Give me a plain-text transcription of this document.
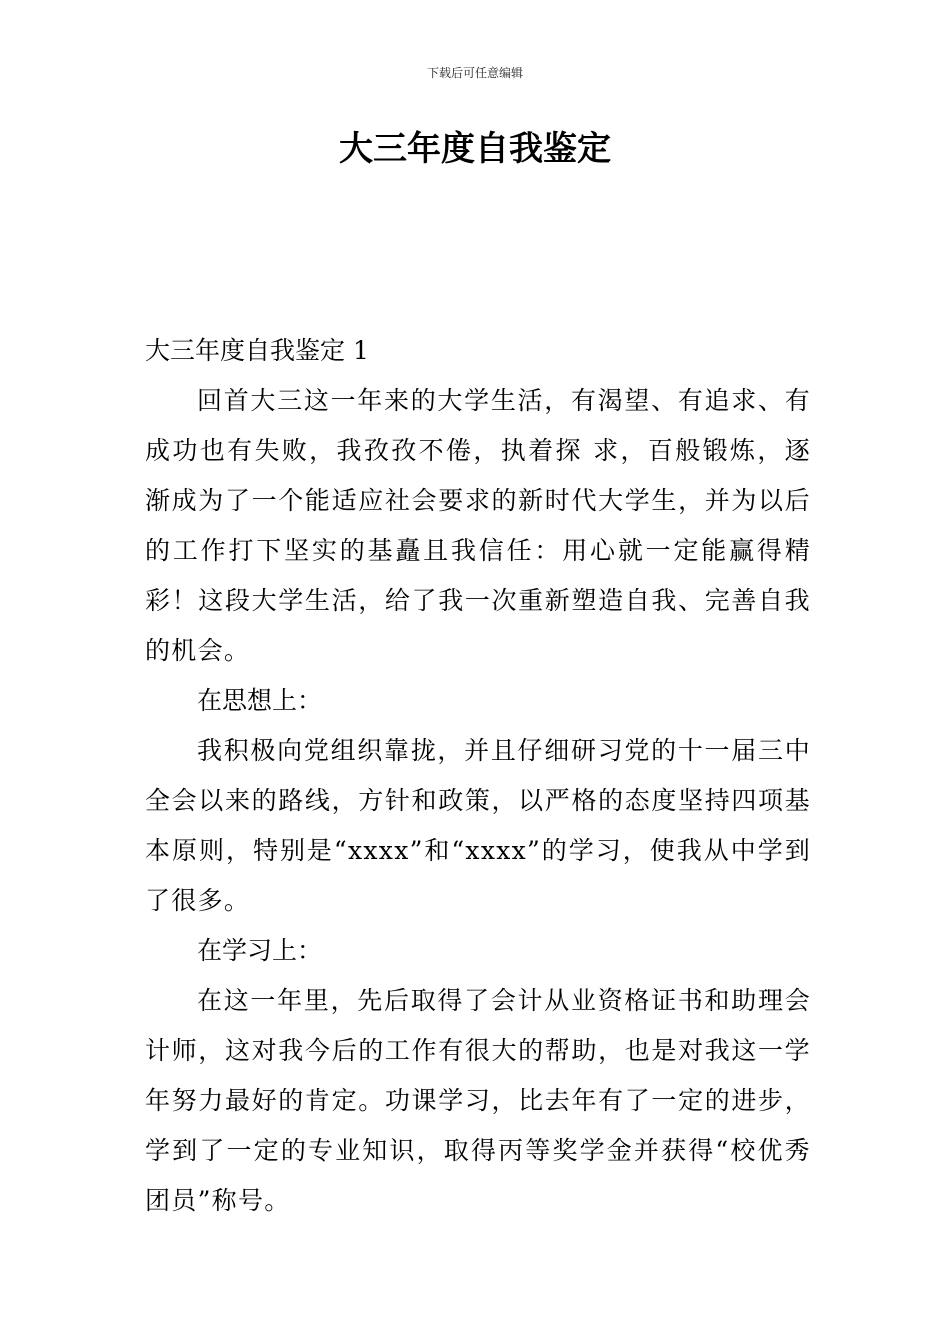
下载后可任意编辑
大三年度自我鉴定

大三年度自我鉴定 1

回首大三这一年来的大学生活，有渴望、有追求、有成功也有失败，我孜孜不倦，执着探 求，百般锻炼，逐渐成为了一个能适应社会要求的新时代大学生，并为以后的工作打下坚实的基矗且我信任：用心就一定能赢得精彩！这段大学生活，给了我一次重新塑造自我、完善自我的机会。

在思想上：

我积极向党组织靠拢，并且仔细研习党的十一届三中全会以来的路线，方针和政策，以严格的态度坚持四项基本原则，特别是“xxxx”和“xxxx”的学习，使我从中学到了很多。

在学习上：

在这一年里，先后取得了会计从业资格证书和助理会计师，这对我今后的工作有很大的帮助，也是对我这一学年努力最好的肯定。功课学习，比去年有了一定的进步，学到了一定的专业知识，取得丙等奖学金并获得“校优秀团员”称号。
